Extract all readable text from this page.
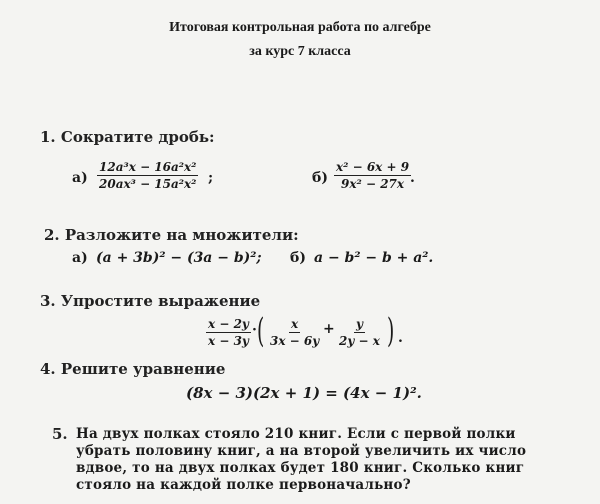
Итоговая контрольная работа по алгебре
за курс 7 класса
1. Сократите дробь:
$а) \frac{\text{12a³x − 16a²x²}}{\text{20ax³ − 15a²x²}}$ ;	$б) \frac{\text{x² − 6x + 9}}{\text{9x² − 27x}}$
.
2. Разложите на множители:
а) (a + 3b)² − (3a − b)²; б) a − b² − b + a².
3. Упростите выражение
$\frac{x - 2y}{x - 3y}$ · ( $\frac{x}{3x - 6y} + \frac{y}{2y - x}$ ) .
4. Решите уравнение
(8x − 3)(2x + 1) = (4x − 1)².
5. На двух полках стояло 210 книг. Если с первой полки убрать половину книг, а на второй увеличить их число вдвое, то на двух полках будет 180 книг. Сколько книг стояло на каждой полке первоначально?
